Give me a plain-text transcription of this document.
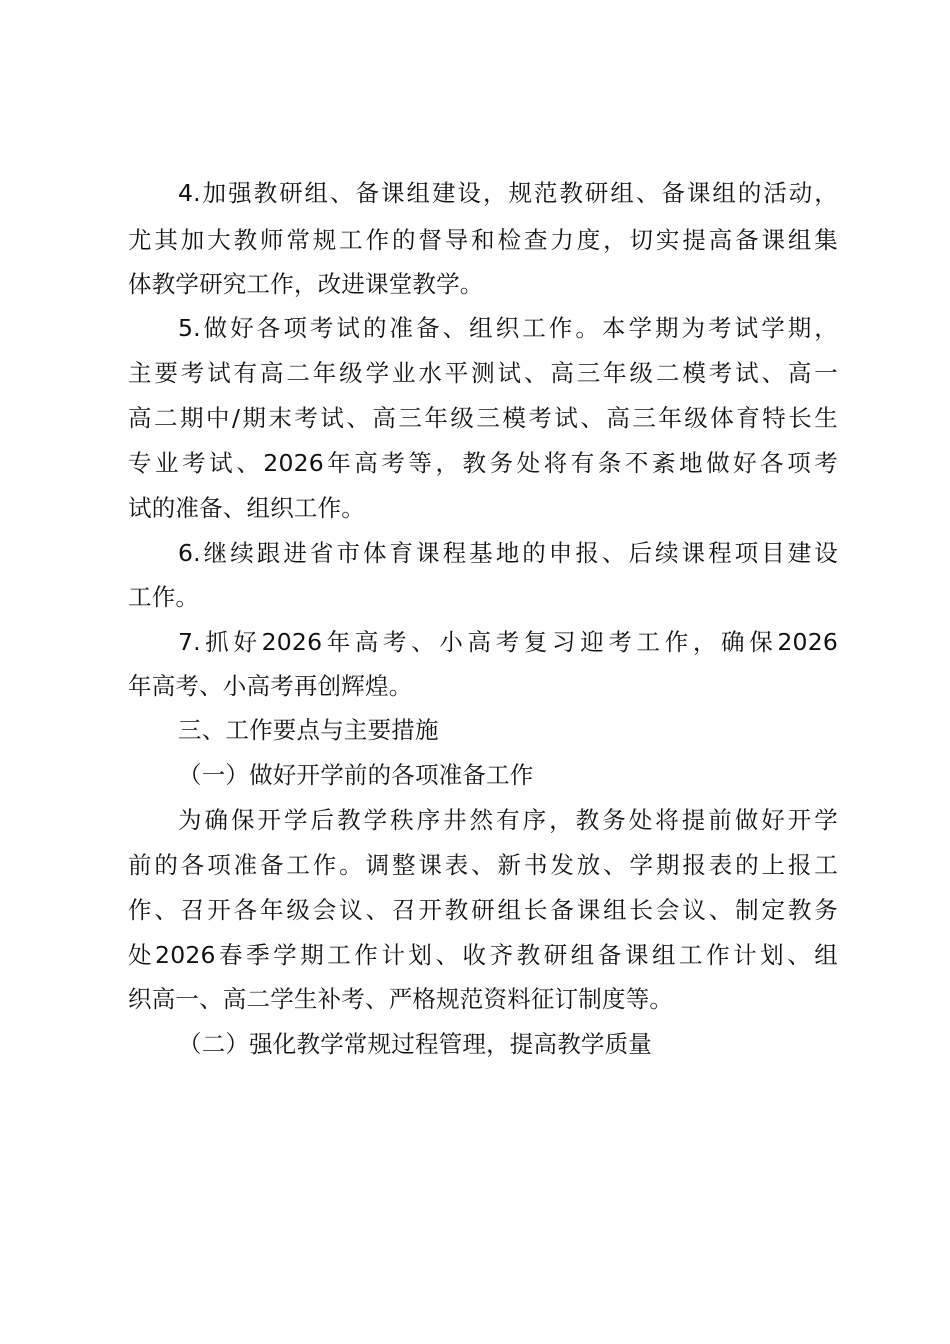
4.加强教研组、备课组建设，规范教研组、备课组的活动，
尤其加大教师常规工作的督导和检查力度，切实提高备课组集
体教学研究工作，改进课堂教学。
5.做好各项考试的准备、组织工作。本学期为考试学期，
主要考试有高二年级学业水平测试、高三年级二模考试、高一
高二期中/期末考试、高三年级三模考试、高三年级体育特长生
专业考试、2026年高考等，教务处将有条不紊地做好各项考
试的准备、组织工作。
6.继续跟进省市体育课程基地的申报、后续课程项目建设
工作。
7.抓好2026年高考、小高考复习迎考工作，确保2026
年高考、小高考再创辉煌。
三、工作要点与主要措施
（一）做好开学前的各项准备工作
为确保开学后教学秩序井然有序，教务处将提前做好开学
前的各项准备工作。调整课表、新书发放、学期报表的上报工
作、召开各年级会议、召开教研组长备课组长会议、制定教务
处2026春季学期工作计划、收齐教研组备课组工作计划、组
织高一、高二学生补考、严格规范资料征订制度等。
（二）强化教学常规过程管理，提高教学质量
